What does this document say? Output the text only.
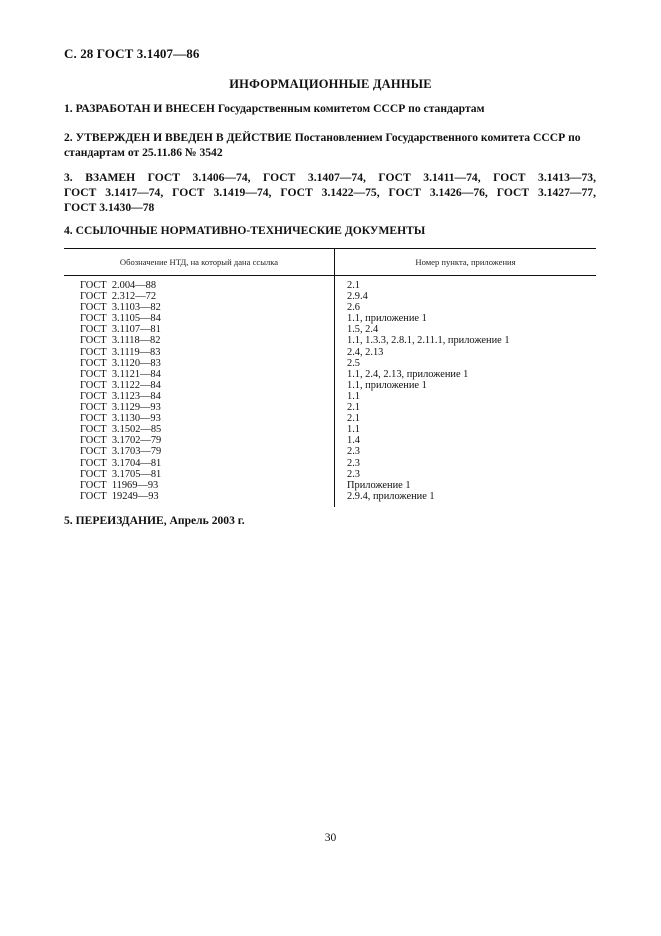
С. 28 ГОСТ 3.1407—86
ИНФОРМАЦИОННЫЕ ДАННЫЕ
1. РАЗРАБОТАН И ВНЕСЕН Государственным комитетом СССР по стандартам
2. УТВЕРЖДЕН И ВВЕДЕН В ДЕЙСТВИЕ Постановлением Государственного комитета СССР по стандартам от 25.11.86 № 3542
3. ВЗАМЕН ГОСТ 3.1406—74, ГОСТ 3.1407—74, ГОСТ 3.1411—74, ГОСТ 3.1413—73,
ГОСТ 3.1417—74, ГОСТ 3.1419—74, ГОСТ 3.1422—75, ГОСТ 3.1426—76, ГОСТ 3.1427—77,
ГОСТ 3.1430—78
4. ССЫЛОЧНЫЕ НОРМАТИВНО-ТЕХНИЧЕСКИЕ ДОКУМЕНТЫ
Обозначение НТД, на который дана ссылка	Номер пункта, приложения
ГОСТ  2.004—88	2.1
ГОСТ  2.312—72	2.9.4
ГОСТ  3.1103—82	2.6
ГОСТ  3.1105—84	1.1, приложение 1
ГОСТ  3.1107—81	1.5, 2.4
ГОСТ  3.1118—82	1.1, 1.3.3, 2.8.1, 2.11.1, приложение 1
ГОСТ  3.1119—83	2.4, 2.13
ГОСТ  3.1120—83	2.5
ГОСТ  3.1121—84	1.1, 2.4, 2.13, приложение 1
ГОСТ  3.1122—84	1.1, приложение 1
ГОСТ  3.1123—84	1.1
ГОСТ  3.1129—93	2.1
ГОСТ  3.1130—93	2.1
ГОСТ  3.1502—85	1.1
ГОСТ  3.1702—79	1.4
ГОСТ  3.1703—79	2.3
ГОСТ  3.1704—81	2.3
ГОСТ  3.1705—81	2.3
ГОСТ  11969—93	Приложение 1
ГОСТ  19249—93	2.9.4, приложение 1
5. ПЕРЕИЗДАНИЕ, Апрель 2003 г.
30
